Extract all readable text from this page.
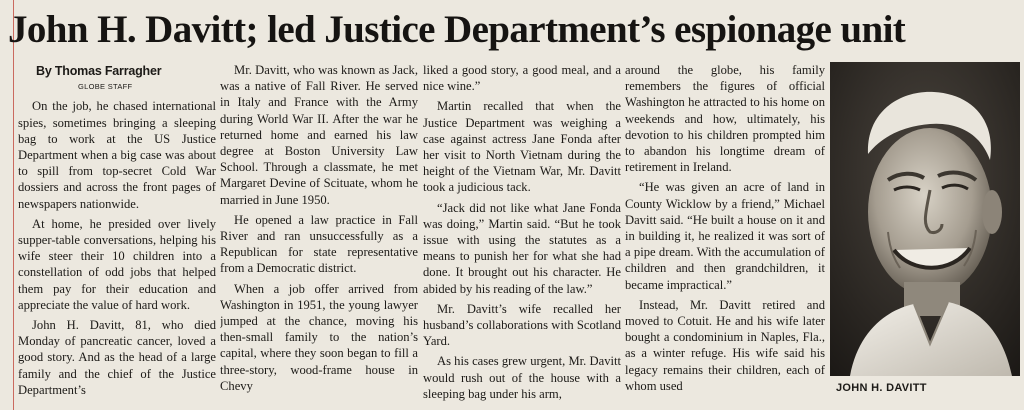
John H. Davitt; led Justice Department’s espionage unit
By Thomas Farragher
GLOBE STAFF

On the job, he chased international spies, sometimes bringing a sleeping bag to work at the US Justice Department when a big case was about to spill from top-secret Cold War dossiers and across the front pages of newspapers nationwide.

At home, he presided over lively supper-table conversations, helping his wife steer their 10 children into a constellation of odd jobs that helped them pay for their education and appreciate the value of hard work.

John H. Davitt, 81, who died Monday of pancreatic cancer, loved a good story. And as the head of a large family and the chief of the Justice Department’s

Mr. Davitt, who was known as Jack, was a native of Fall River. He served in Italy and France with the Army during World War II. After the war he returned home and earned his law degree at Boston University Law School. Through a classmate, he met Margaret Devine of Scituate, whom he married in June 1950.

He opened a law practice in Fall River and ran unsuccessfully as a Republican for state representative from a Democratic district.

When a job offer arrived from Washington in 1951, the young lawyer jumped at the chance, moving his then-small family to the nation’s capital, where they soon began to fill a three-story, wood-frame house in Chevy

liked a good story, a good meal, and a nice wine.”

Martin recalled that when the Justice Department was weighing a case against actress Jane Fonda after her visit to North Vietnam during the height of the Vietnam War, Mr. Davitt took a judicious tack.

“Jack did not like what Jane Fonda was doing,” Martin said. “But he took issue with using the statutes as a means to punish her for what she had done. It brought out his character. He abided by his reading of the law.”

Mr. Davitt’s wife recalled her husband’s collaborations with Scotland Yard.

As his cases grew urgent, Mr. Davitt would rush out of the house with a sleeping bag under his arm,

around the globe, his family remembers the figures of official Washington he attracted to his home on weekends and how, ultimately, his devotion to his children prompted him to abandon his longtime dream of retirement in Ireland.

“He was given an acre of land in County Wicklow by a friend,” Michael Davitt said. “He built a house on it and in building it, he realized it was sort of a pipe dream. With the accumulation of children and then grandchildren, it became impractical.”

Instead, Mr. Davitt retired and moved to Cotuit. He and his wife later bought a condominium in Naples, Fla., as a winter refuge. His wife said his legacy remains their children, each of whom used	JOHN H. DAVITT
